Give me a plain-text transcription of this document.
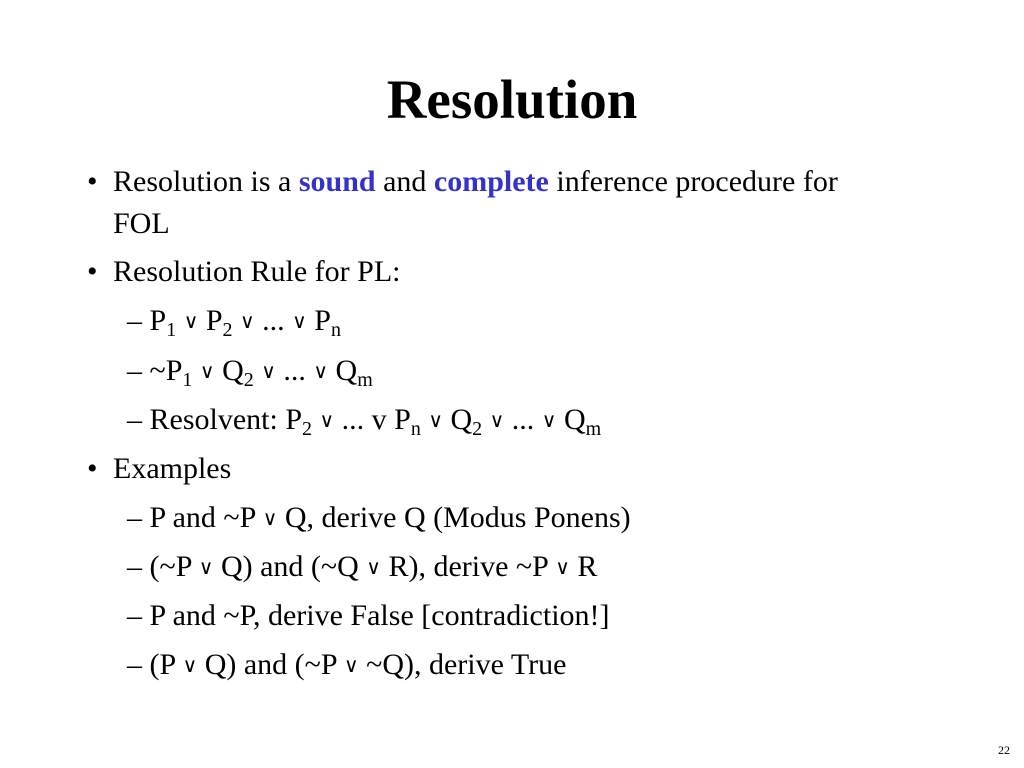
Resolution
• Resolution is a sound and complete inference procedure for
FOL
• Resolution Rule for PL:
– $P_1$ ∨ $P_2$ ∨ ... ∨ $P_n$
– $\sim P_1$ ∨ $Q_2$ ∨ ... ∨ $Q_m$
– Resolvent: $P_2$ ∨ ... v $P_n$ ∨ $Q_2$ ∨ ... ∨ $Q_m$
• Examples
– P and ~P ∨ Q, derive Q (Modus Ponens)
– (~P ∨ Q) and (~Q ∨ R), derive ~P ∨ R
– P and ~P, derive False [contradiction!]
– (P ∨ Q) and (~P ∨ ~Q), derive True
22
